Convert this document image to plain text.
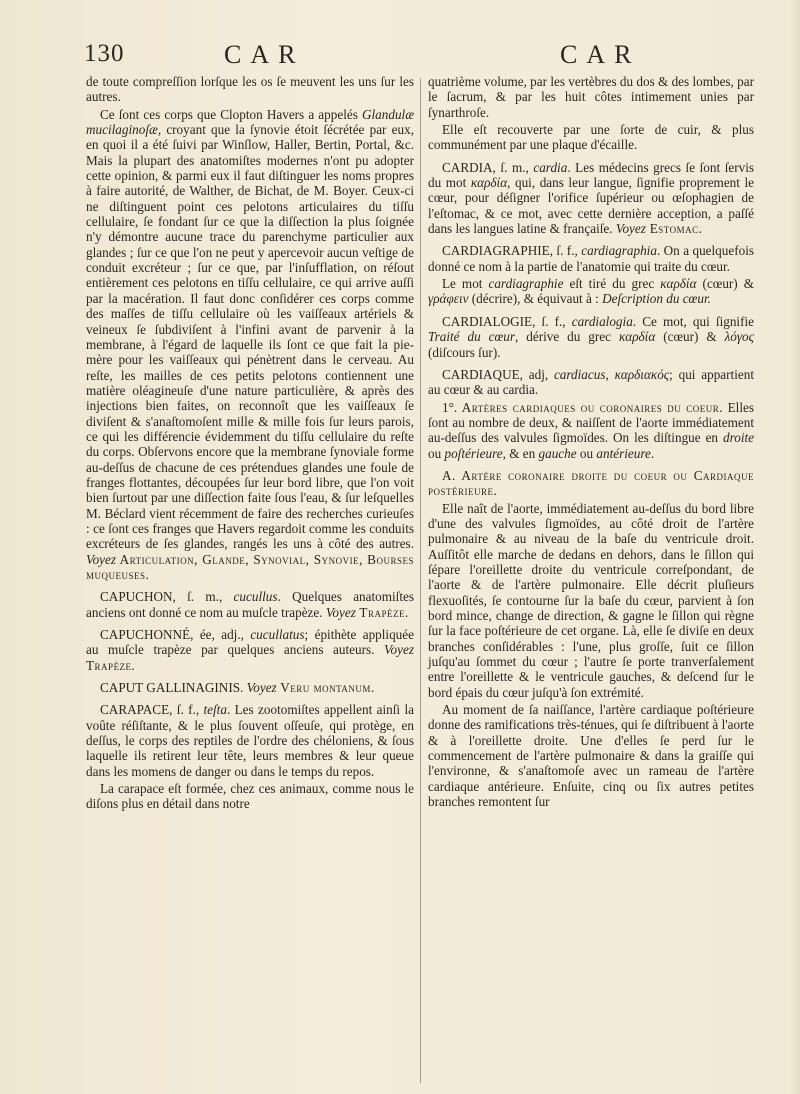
130	CAR	CAR

de toute compreſſion lorſque les os ſe meuvent les uns ſur les autres.

Ce ſont ces corps que Clopton Havers a appelés Glandulæ mucilaginoſæ, croyant que la ſynovie étoit ſécrétée par eux, en quoi il a été ſuivi par Winſlow, Haller, Bertin, Portal, &c. Mais la plupart des anatomiſtes modernes n'ont pu adopter cette opinion, & parmi eux il faut diſtinguer les noms propres à faire autorité, de Walther, de Bichat, de M. Boyer. Ceux-ci ne diſtinguent point ces pelotons articulaires du tiſſu cellulaire, ſe fondant ſur ce que la diſſection la plus ſoignée n'y démontre aucune trace du parenchyme particulier aux glandes ; ſur ce que l'on ne peut y apercevoir aucun veſtige de conduit excréteur ; ſur ce que, par l'inſufflation, on réſout entièrement ces pelotons en tiſſu cellulaire, ce qui arrive auſſi par la macération. Il faut donc conſidérer ces corps comme des maſſes de tiſſu cellulaire où les vaiſſeaux artériels & veineux ſe ſubdiviſent à l'infini avant de parvenir à la membrane, à l'égard de laquelle ils ſont ce que fait la pie-mère pour les vaiſſeaux qui pénètrent dans le cerveau. Au reſte, les mailles de ces petits pelotons contiennent une matière oléagineuſe d'une nature particulière, & après des injections bien faites, on reconnoît que les vaiſſeaux ſe diviſent & s'anaſtomoſent mille & mille fois ſur leurs parois, ce qui les différencie évidemment du tiſſu cellulaire du reſte du corps. Obſervons encore que la membrane ſynoviale forme au-deſſus de chacune de ces prétendues glandes une foule de franges flottantes, découpées ſur leur bord libre, que l'on voit bien ſurtout par une diſſection faite ſous l'eau, & ſur leſquelles M. Béclard vient récemment de faire des recherches curieuſes : ce ſont ces franges que Havers regardoit comme les conduits excréteurs de ſes glandes, rangés les uns à côté des autres. Voyez Articulation, Glande, Synovial, Synovie, Bourses muqueuses.

CAPUCHON, ſ. m., cucullus. Quelques anatomiſtes anciens ont donné ce nom au muſcle trapèze. Voyez Trapèze.

CAPUCHONNÉ, ée, adj., cucullatus; épithète appliquée au muſcle trapèze par quelques anciens auteurs. Voyez Trapèze.

CAPUT GALLINAGINIS. Voyez Veru montanum.

CARAPACE, ſ. f., teſta. Les zootomiſtes appellent ainſi la voûte réſiſtante, & le plus ſouvent oſſeuſe, qui protège, en deſſus, le corps des reptiles de l'ordre des chéloniens, & ſous laquelle ils retirent leur tête, leurs membres & leur queue dans les momens de danger ou dans le temps du repos.

La carapace eſt formée, chez ces animaux, comme nous le diſons plus en détail dans notre

quatrième volume, par les vertèbres du dos & des lombes, par le ſacrum, & par les huit côtes intimement unies par ſynarthroſe.

Elle eſt recouverte par une ſorte de cuir, & plus communément par une plaque d'écaille.

CARDIA, ſ. m., cardia. Les médecins grecs ſe ſont ſervis du mot καρδία, qui, dans leur langue, ſignifie proprement le cœur, pour déſigner l'orifice ſupérieur ou œſophagien de l'eſtomac, & ce mot, avec cette dernière acception, a paſſé dans les langues latine & françaiſe. Voyez Estomac.

CARDIAGRAPHIE, ſ. f., cardiagraphia. On a quelquefois donné ce nom à la partie de l'anatomie qui traite du cœur.

Le mot cardiagraphie eſt tiré du grec καρδία (cœur) & γράφειν (décrire), & équivaut à : Deſcription du cœur.

CARDIALOGIE, ſ. f., cardialogia. Ce mot, qui ſignifie Traité du cœur, dérive du grec καρδία (cœur) & λόγος (diſcours ſur).

CARDIAQUE, adj, cardiacus, καρδιακός; qui appartient au cœur & au cardia.

1°. Artères cardiaques ou coronaires du coeur. Elles ſont au nombre de deux, & naiſſent de l'aorte immédiatement au-deſſus des valvules ſigmoïdes. On les diſtingue en droite ou poſtérieure, & en gauche ou antérieure.

A. Artère coronaire droite du coeur ou Cardiaque postérieure.

Elle naît de l'aorte, immédiatement au-deſſus du bord libre d'une des valvules ſigmoïdes, au côté droit de l'artère pulmonaire & au niveau de la baſe du ventricule droit. Auſſitôt elle marche de dedans en dehors, dans le ſillon qui ſépare l'oreillette droite du ventricule correſpondant, de l'aorte & de l'artère pulmonaire. Elle décrit pluſieurs flexuoſités, ſe contourne ſur la baſe du cœur, parvient à ſon bord mince, change de direction, & gagne le ſillon qui règne ſur la face poſtérieure de cet organe. Là, elle ſe diviſe en deux branches conſidérables : l'une, plus groſſe, ſuit ce ſillon juſqu'au ſommet du cœur ; l'autre ſe porte tranverſalement entre l'oreillette & le ventricule gauches, & deſcend ſur le bord épais du cœur juſqu'à ſon extrémité.

Au moment de ſa naiſſance, l'artère cardiaque poſtérieure donne des ramifications très-ténues, qui ſe diſtribuent à l'aorte & à l'oreillette droite. Une d'elles ſe perd ſur le commencement de l'artère pulmonaire & dans la graiſſe qui l'environne, & s'anaſtomoſe avec un rameau de l'artère cardiaque antérieure. Enſuite, cinq ou ſix autres petites branches remontent ſur
